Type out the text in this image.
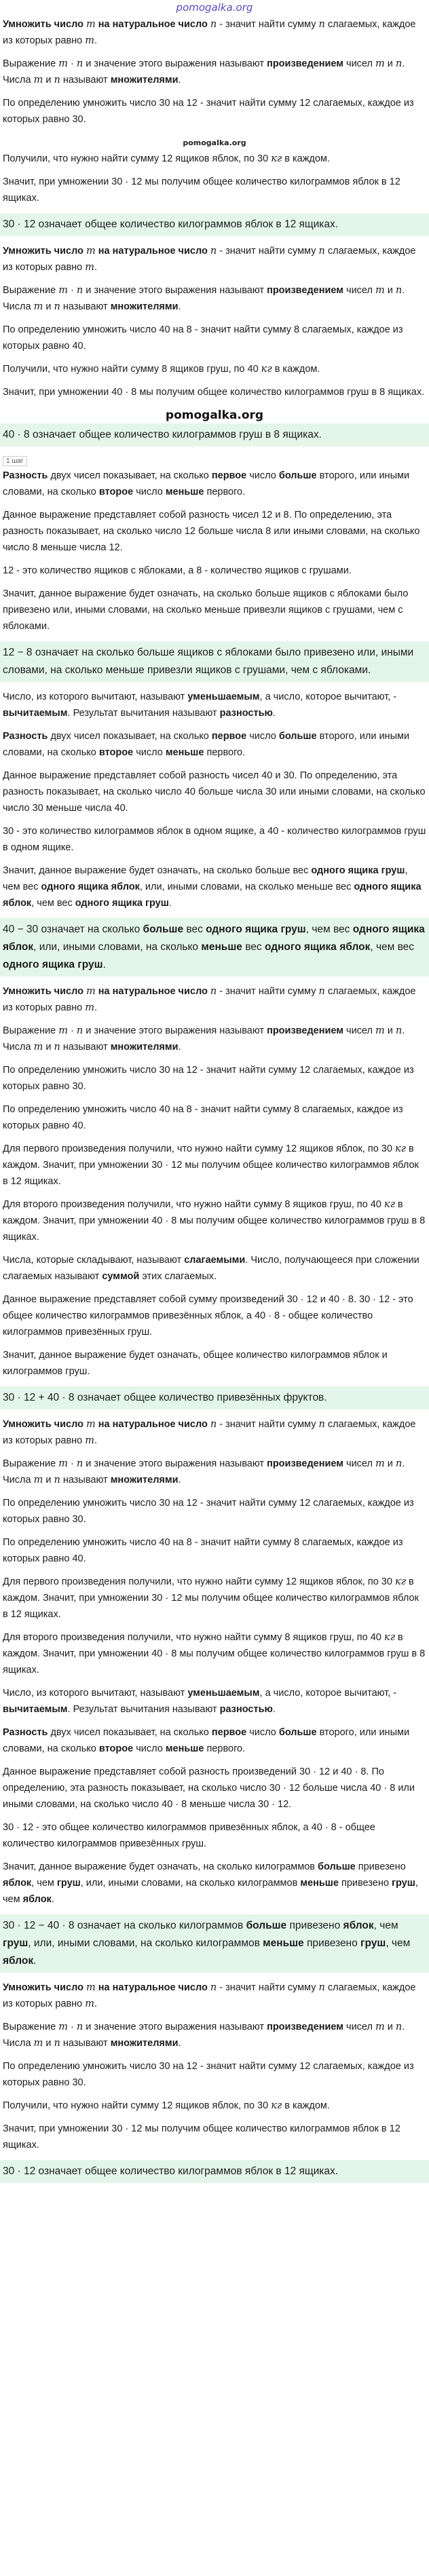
pomogalka.org

Умножить число m на натуральное число n - значит найти сумму n слагаемых, каждое из которых равно m.

Выражение m · n и значение этого выражения называют произведением чисел m и n. Числа m и n называют множителями.

По определению умножить число 30 на 12 - значит найти сумму 12 слагаемых, каждое из которых равно 30.

pomogalka.org

Получили, что нужно найти сумму 12 ящиков яблок, по 30 кг в каждом.

Значит, при умножении 30 · 12 мы получим общее количество килограммов яблок в 12 ящиках.

30 · 12 означает общее количество килограммов яблок в 12 ящиках.

Умножить число m на натуральное число n - значит найти сумму n слагаемых, каждое из которых равно m.

Выражение m · n и значение этого выражения называют произведением чисел m и n. Числа m и n называют множителями.

По определению умножить число 40 на 8 - значит найти сумму 8 слагаемых, каждое из которых равно 40.

Получили, что нужно найти сумму 8 ящиков груш, по 40 кг в каждом.

Значит, при умножении 40 · 8 мы получим общее количество килограммов груш в 8 ящиках.

pomogalka.org
40 · 8 означает общее количество килограммов груш в 8 ящиках.
1 шаг

Разность двух чисел показывает, на сколько первое число больше второго, или иными словами, на сколько второе число меньше первого.

Данное выражение представляет собой разность чисел 12 и 8. По определению, эта разность показывает, на сколько число 12 больше числа 8 или иными словами, на сколько число 8 меньше числа 12.

12 - это количество ящиков с яблоками, а 8 - количество ящиков с грушами.

Значит, данное выражение будет означать, на сколько больше ящиков с яблоками было привезено или, иными словами, на сколько меньше привезли ящиков с грушами, чем с яблоками.

12 − 8 означает на сколько больше ящиков с яблоками было привезено или, иными словами, на сколько меньше привезли ящиков с грушами, чем с яблоками.

Число, из которого вычитают, называют уменьшаемым, а число, которое вычитают, - вычитаемым. Результат вычитания называют разностью.

Разность двух чисел показывает, на сколько первое число больше второго, или иными словами, на сколько второе число меньше первого.

Данное выражение представляет собой разность чисел 40 и 30. По определению, эта разность показывает, на сколько число 40 больше числа 30 или иными словами, на сколько число 30 меньше числа 40.

30 - это количество килограммов яблок в одном ящике, а 40 - количество килограммов груш в одном ящике.

Значит, данное выражение будет означать, на сколько больше вес одного ящика груш, чем вес одного ящика яблок, или, иными словами, на сколько меньше вес одного ящика яблок, чем вес одного ящика груш.

40 − 30 означает на сколько больше вес одного ящика груш, чем вес одного ящика яблок, или, иными словами, на сколько меньше вес одного ящика яблок, чем вес одного ящика груш.

Умножить число m на натуральное число n - значит найти сумму n слагаемых, каждое из которых равно m.

Выражение m · n и значение этого выражения называют произведением чисел m и n. Числа m и n называют множителями.

По определению умножить число 30 на 12 - значит найти сумму 12 слагаемых, каждое из которых равно 30.

По определению умножить число 40 на 8 - значит найти сумму 8 слагаемых, каждое из которых равно 40.

Для первого произведения получили, что нужно найти сумму 12 ящиков яблок, по 30 кг в каждом. Значит, при умножении 30 · 12 мы получим общее количество килограммов яблок в 12 ящиках.

Для второго произведения получили, что нужно найти сумму 8 ящиков груш, по 40 кг в каждом. Значит, при умножении 40 · 8 мы получим общее количество килограммов груш в 8 ящиках.

Числа, которые складывают, называют слагаемыми. Число, получающееся при сложении слагаемых называют суммой этих слагаемых.

Данное выражение представляет собой сумму произведений 30 · 12 и 40 · 8. 30 · 12 - это общее количество килограммов привезённых яблок, а 40 · 8 - общее количество килограммов привезённых груш.

Значит, данное выражение будет означать, общее количество килограммов яблок и килограммов груш.

30 · 12 + 40 · 8 означает общее количество привезённых фруктов.

Умножить число m на натуральное число n - значит найти сумму n слагаемых, каждое из которых равно m.

Выражение m · n и значение этого выражения называют произведением чисел m и n. Числа m и n называют множителями.

По определению умножить число 30 на 12 - значит найти сумму 12 слагаемых, каждое из которых равно 30.

По определению умножить число 40 на 8 - значит найти сумму 8 слагаемых, каждое из которых равно 40.

Для первого произведения получили, что нужно найти сумму 12 ящиков яблок, по 30 кг в каждом. Значит, при умножении 30 · 12 мы получим общее количество килограммов яблок в 12 ящиках.

Для второго произведения получили, что нужно найти сумму 8 ящиков груш, по 40 кг в каждом. Значит, при умножении 40 · 8 мы получим общее количество килограммов груш в 8 ящиках.

Число, из которого вычитают, называют уменьшаемым, а число, которое вычитают, - вычитаемым. Результат вычитания называют разностью.

Разность двух чисел показывает, на сколько первое число больше второго, или иными словами, на сколько второе число меньше первого.

Данное выражение представляет собой разность произведений 30 · 12 и 40 · 8. По определению, эта разность показывает, на сколько число 30 · 12 больше числа 40 · 8 или иными словами, на сколько число 40 · 8 меньше числа 30 · 12.

30 · 12 - это общее количество килограммов привезённых яблок, а 40 · 8 - общее количество килограммов привезённых груш.

Значит, данное выражение будет означать, на сколько килограммов больше привезено яблок, чем груш, или, иными словами, на сколько килограммов меньше привезено груш, чем яблок.

30 · 12 − 40 · 8 означает на сколько килограммов больше привезено яблок, чем груш, или, иными словами, на сколько килограммов меньше привезено груш, чем яблок.

Умножить число m на натуральное число n - значит найти сумму n слагаемых, каждое из которых равно m.

Выражение m · n и значение этого выражения называют произведением чисел m и n. Числа m и n называют множителями.

По определению умножить число 30 на 12 - значит найти сумму 12 слагаемых, каждое из которых равно 30.

Получили, что нужно найти сумму 12 ящиков яблок, по 30 кг в каждом.

Значит, при умножении 30 · 12 мы получим общее количество килограммов яблок в 12 ящиках.

30 · 12 означает общее количество килограммов яблок в 12 ящиках.
